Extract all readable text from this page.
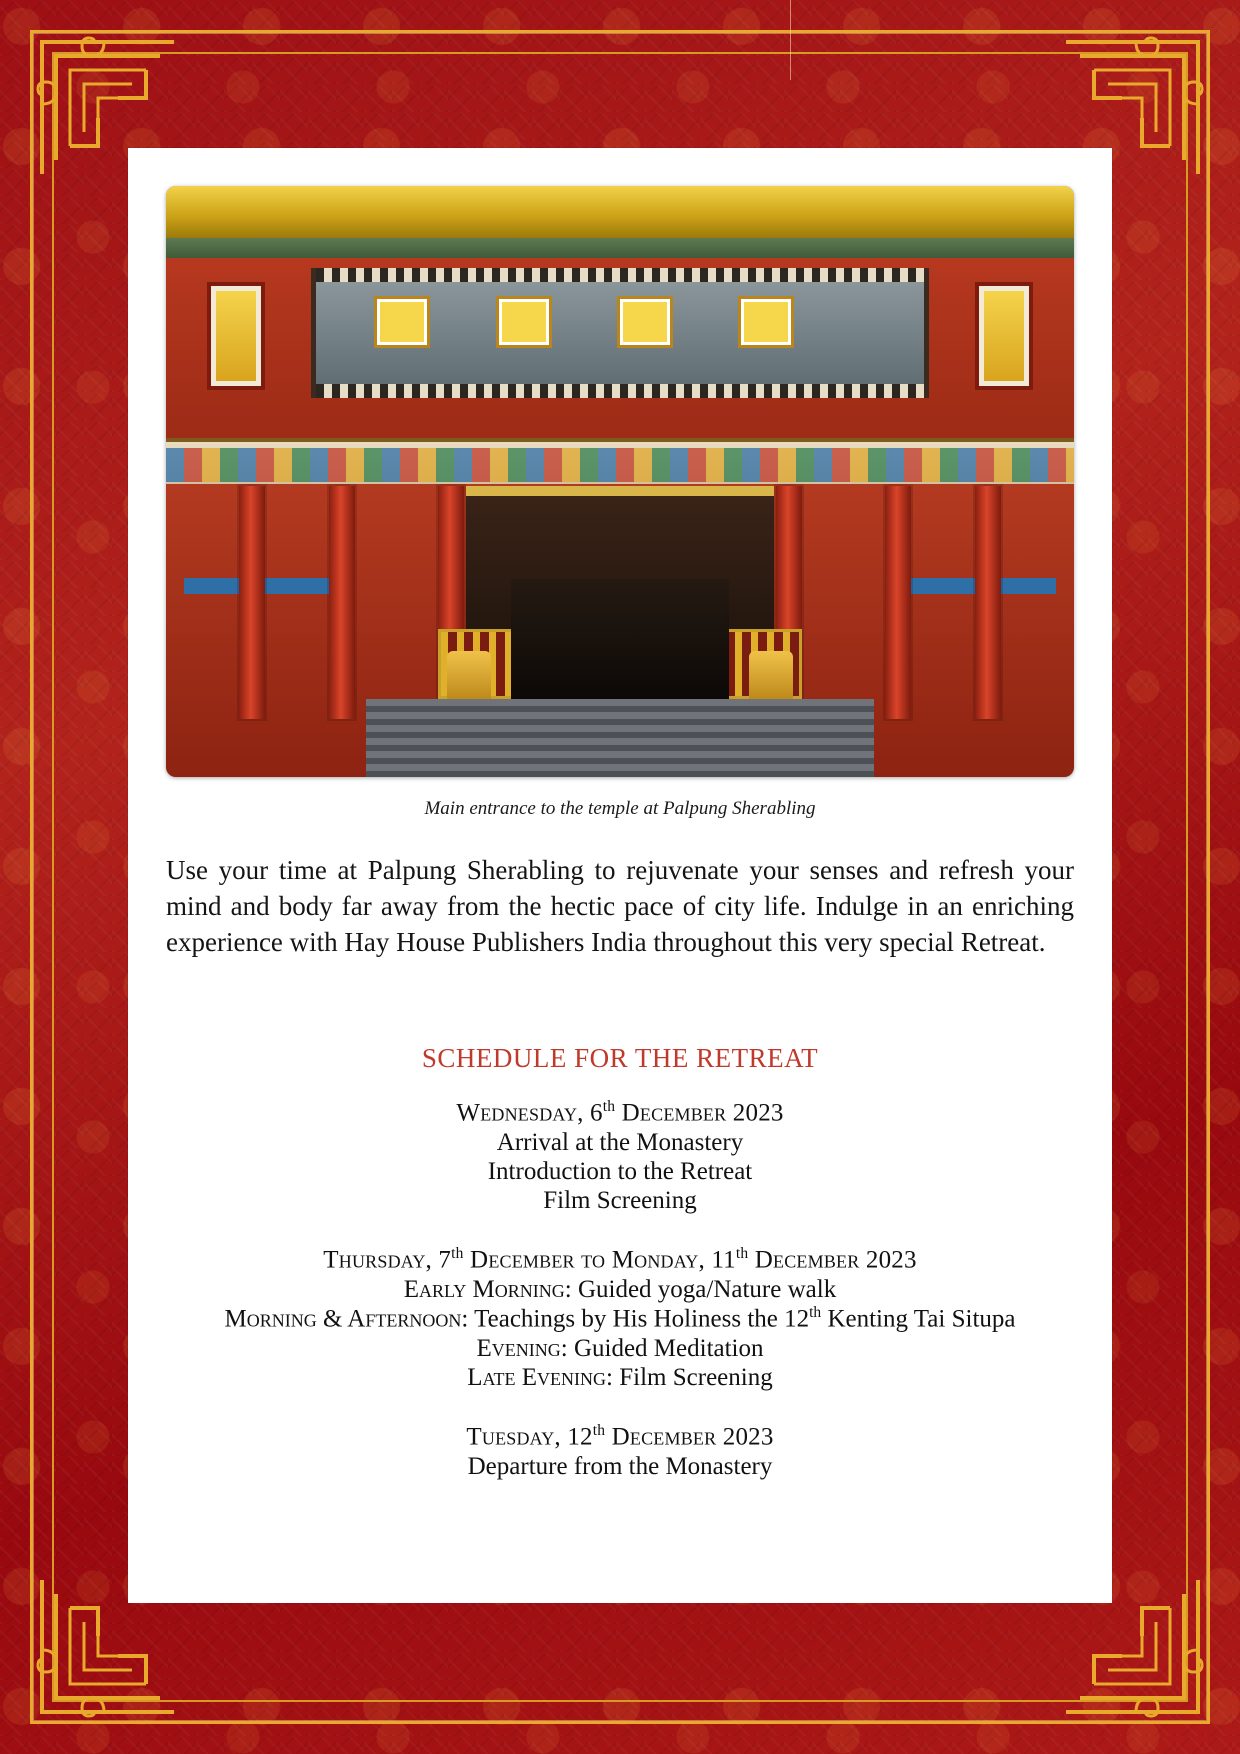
Main entrance to the temple at Palpung Sherabling
Use your time at Palpung Sherabling to rejuvenate your senses and refresh your mind and body far away from the hectic pace of city life. Indulge in an enriching experience with Hay House Publishers India throughout this very special Retreat.
SCHEDULE FOR THE RETREAT
Wednesday, 6th December 2023
Arrival at the Monastery
Introduction to the Retreat
Film Screening
Thursday, 7th December to Monday, 11th December 2023
Early Morning: Guided yoga/Nature walk
Morning & Afternoon: Teachings by His Holiness the 12th Kenting Tai Situpa
Evening: Guided Meditation
Late Evening: Film Screening
Tuesday, 12th December 2023
Departure from the Monastery
